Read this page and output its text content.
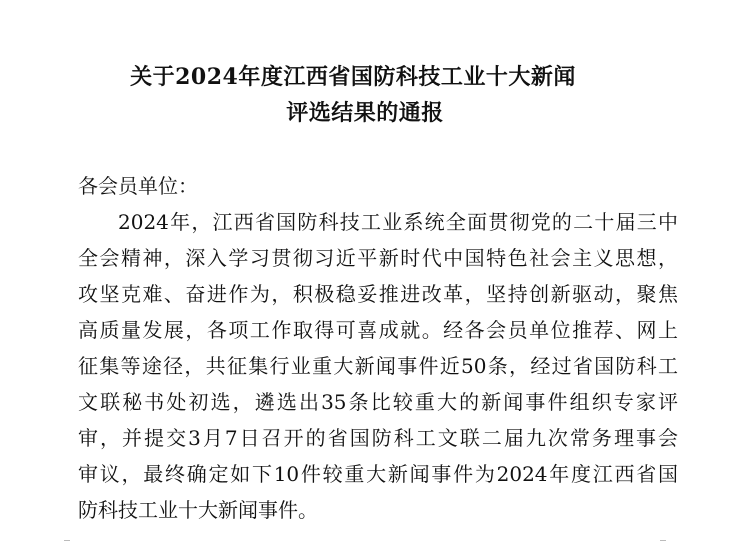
关于2024年度江西省国防科技工业十大新闻
评选结果的通报
各会员单位：
2024年，江西省国防科技工业系统全面贯彻党的二十届三中
全会精神，深入学习贯彻习近平新时代中国特色社会主义思想，
攻坚克难、奋进作为，积极稳妥推进改革，坚持创新驱动，聚焦
高质量发展，各项工作取得可喜成就。经各会员单位推荐、网上
征集等途径，共征集行业重大新闻事件近50条，经过省国防科工
文联秘书处初选，遴选出35条比较重大的新闻事件组织专家评
审，并提交3月7日召开的省国防科工文联二届九次常务理事会
审议，最终确定如下10件较重大新闻事件为2024年度江西省国
防科技工业十大新闻事件。
